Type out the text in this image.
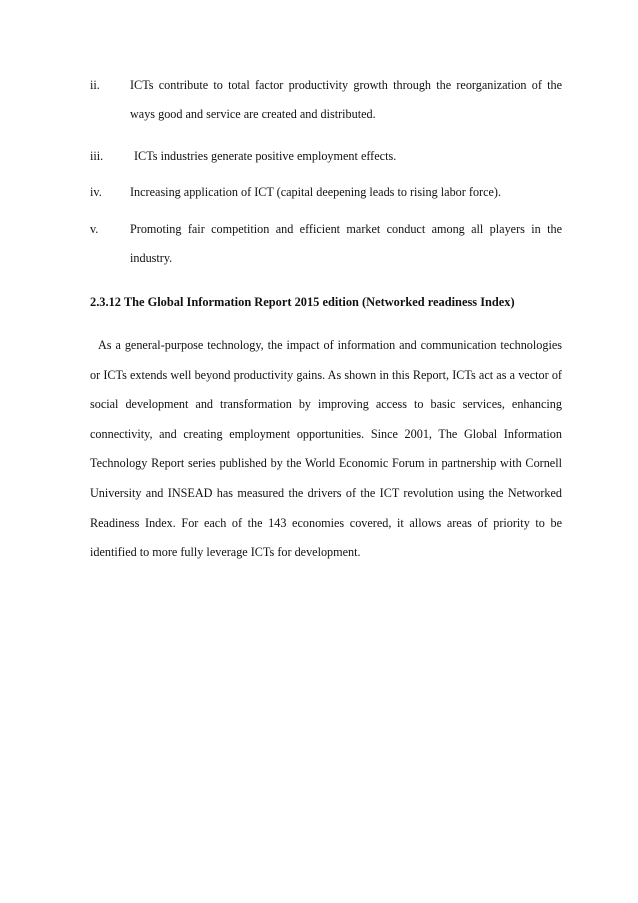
ii. ICTs contribute to total factor productivity growth through the reorganization of the ways good and service are created and distributed.
iii.	ICTs industries generate positive employment effects.
iv. Increasing application of ICT (capital deepening leads to rising labor force).
v.	Promoting fair competition and efficient market conduct among all players in the industry.
2.3.12 The Global Information Report 2015 edition (Networked readiness Index)
As a general-purpose technology, the impact of information and communication technologies or ICTs extends well beyond productivity gains. As shown in this Report, ICTs act as a vector of social development and transformation by improving access to basic services, enhancing connectivity, and creating employment opportunities. Since 2001, The Global Information Technology Report series published by the World Economic Forum in partnership with Cornell University and INSEAD has measured the drivers of the ICT revolution using the Networked Readiness Index. For each of the 143 economies covered, it allows areas of priority to be identified to more fully leverage ICTs for development.
